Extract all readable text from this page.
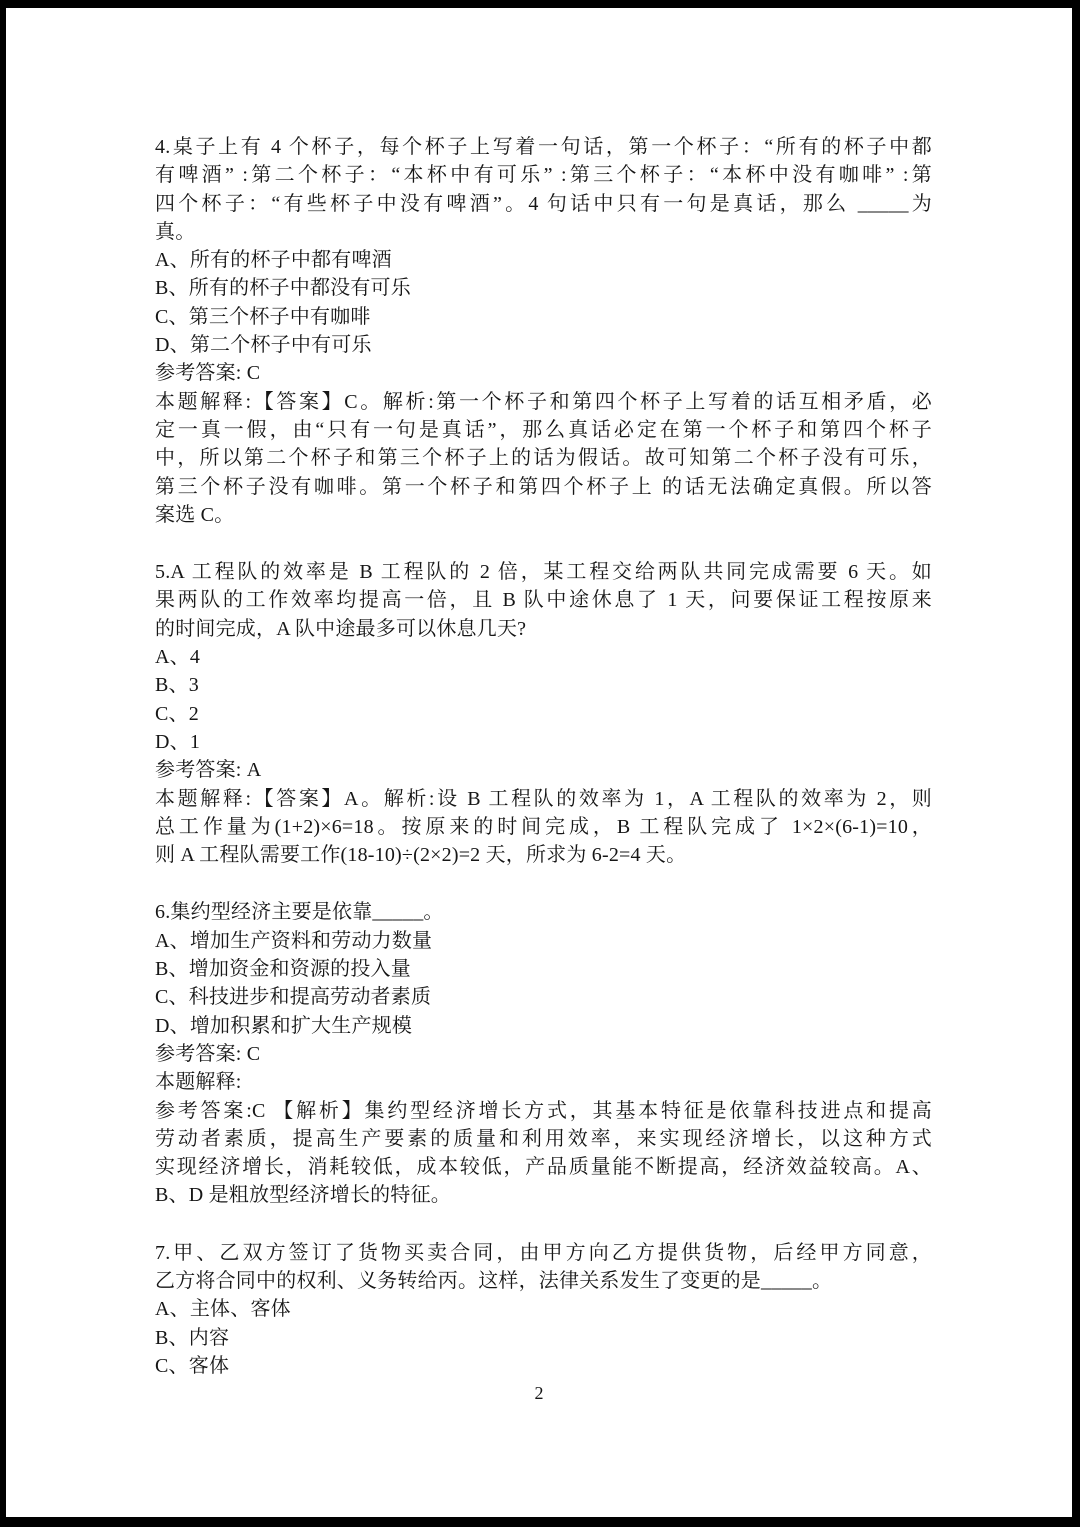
4.桌子上有 4 个杯子，每个杯子上写着一句话，第一个杯子：“所有的杯子中都
有啤酒” :第二个杯子：“本杯中有可乐” :第三个杯子：“本杯中没有咖啡” :第
四个杯子：“有些杯子中没有啤酒”。4 句话中只有一句是真话，那么 _____为
真。
A、所有的杯子中都有啤酒
B、所有的杯子中都没有可乐
C、第三个杯子中有咖啡
D、第二个杯子中有可乐
参考答案: C
本题解释:【答案】C。解析:第一个杯子和第四个杯子上写着的话互相矛盾，必
定一真一假，由“只有一句是真话”，那么真话必定在第一个杯子和第四个杯子
中，所以第二个杯子和第三个杯子上的话为假话。故可知第二个杯子没有可乐，
第三个杯子没有咖啡。第一个杯子和第四个杯子上 的话无法确定真假。所以答
案选 C。
5.A 工程队的效率是 B 工程队的 2 倍，某工程交给两队共同完成需要 6 天。如
果两队的工作效率均提高一倍，且 B 队中途休息了 1 天，问要保证工程按原来
的时间完成，A 队中途最多可以休息几天?
A、4
B、3
C、2
D、1
参考答案: A
本题解释:【答案】A。解析:设 B 工程队的效率为 1，A 工程队的效率为 2，则
总工作量为(1+2)×6=18。按原来的时间完成，B 工程队完成了 1×2×(6-1)=10，
则 A 工程队需要工作(18-10)÷(2×2)=2 天，所求为 6-2=4 天。
6.集约型经济主要是依靠_____。
A、增加生产资料和劳动力数量
B、增加资金和资源的投入量
C、科技进步和提高劳动者素质
D、增加积累和扩大生产规模
参考答案: C
本题解释:
参考答案:C 【解析】集约型经济增长方式，其基本特征是依靠科技进点和提高
劳动者素质，提高生产要素的质量和利用效率，来实现经济增长，以这种方式
实现经济增长，消耗较低，成本较低，产品质量能不断提高，经济效益较高。A、
B、D 是粗放型经济增长的特征。
7.甲、乙双方签订了货物买卖合同，由甲方向乙方提供货物，后经甲方同意，
乙方将合同中的权利、义务转给丙。这样，法律关系发生了变更的是_____。
A、主体、客体
B、内容
C、客体
2
